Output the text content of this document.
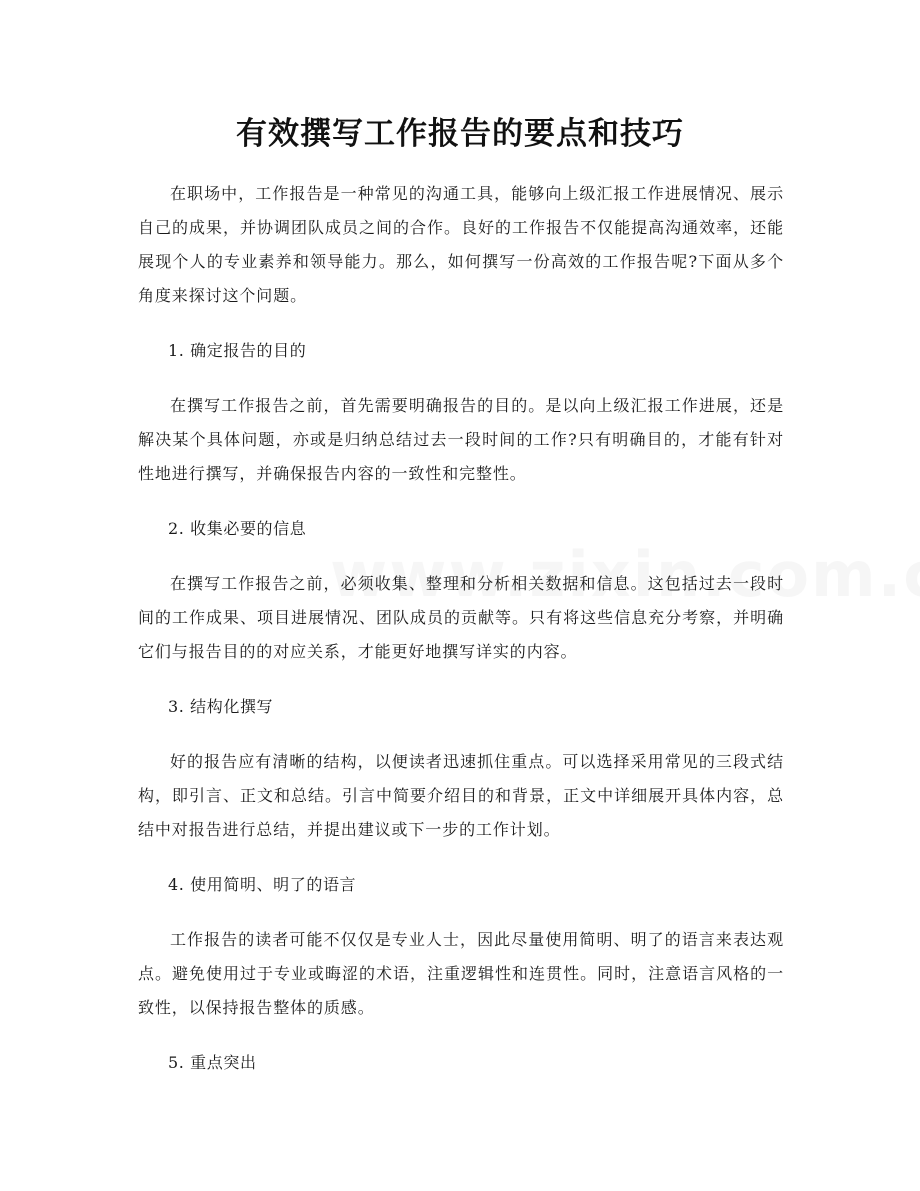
有效撰写工作报告的要点和技巧

在职场中，工作报告是一种常见的沟通工具，能够向上级汇报工作进展情况、展示自己的成果，并协调团队成员之间的合作。良好的工作报告不仅能提高沟通效率，还能展现个人的专业素养和领导能力。那么，如何撰写一份高效的工作报告呢?下面从多个角度来探讨这个问题。

1. 确定报告的目的

在撰写工作报告之前，首先需要明确报告的目的。是以向上级汇报工作进展，还是解决某个具体问题，亦或是归纳总结过去一段时间的工作?只有明确目的，才能有针对性地进行撰写，并确保报告内容的一致性和完整性。

2. 收集必要的信息

在撰写工作报告之前，必须收集、整理和分析相关数据和信息。这包括过去一段时间的工作成果、项目进展情况、团队成员的贡献等。只有将这些信息充分考察，并明确它们与报告目的的对应关系，才能更好地撰写详实的内容。

3. 结构化撰写

好的报告应有清晰的结构，以便读者迅速抓住重点。可以选择采用常见的三段式结构，即引言、正文和总结。引言中简要介绍目的和背景，正文中详细展开具体内容，总结中对报告进行总结，并提出建议或下一步的工作计划。

4. 使用简明、明了的语言

工作报告的读者可能不仅仅是专业人士，因此尽量使用简明、明了的语言来表达观点。避免使用过于专业或晦涩的术语，注重逻辑性和连贯性。同时，注意语言风格的一致性，以保持报告整体的质感。

5. 重点突出
